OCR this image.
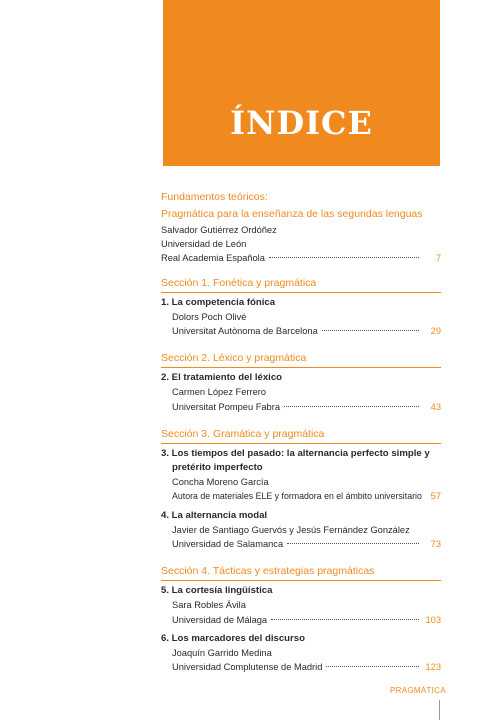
ÍNDICE
Fundamentos teóricos:
Pragmática para la enseñanza de las segundas lenguas
Salvador Gutiérrez Ordóñez
Universidad de León
Real Academia Española	7
Sección 1. Fonética y pragmática
1. La competencia fónica
Dolors Poch Olivé
Universitat Autònoma de Barcelona	29
Sección 2. Léxico y pragmática
2. El tratamiento del léxico
Carmen López Ferrero
Universitat Pompeu Fabra	43
Sección 3. Gramática y pragmática
3. Los tiempos del pasado: la alternancia perfecto simple y
pretérito imperfecto
Concha Moreno García
Autora de materiales ELE y formadora en el ámbito universitario 57
4. La alternancia modal
Javier de Santiago Guervós y Jesús Fernández González
Universidad de Salamanca	73
Sección 4. Tácticas y estrategias pragmáticas
5. La cortesía lingüística
Sara Robles Ávila
Universidad de Málaga	103
6. Los marcadores del discurso
Joaquín Garrido Medina
Universidad Complutense de Madrid	123
PRAGMÁTICA
